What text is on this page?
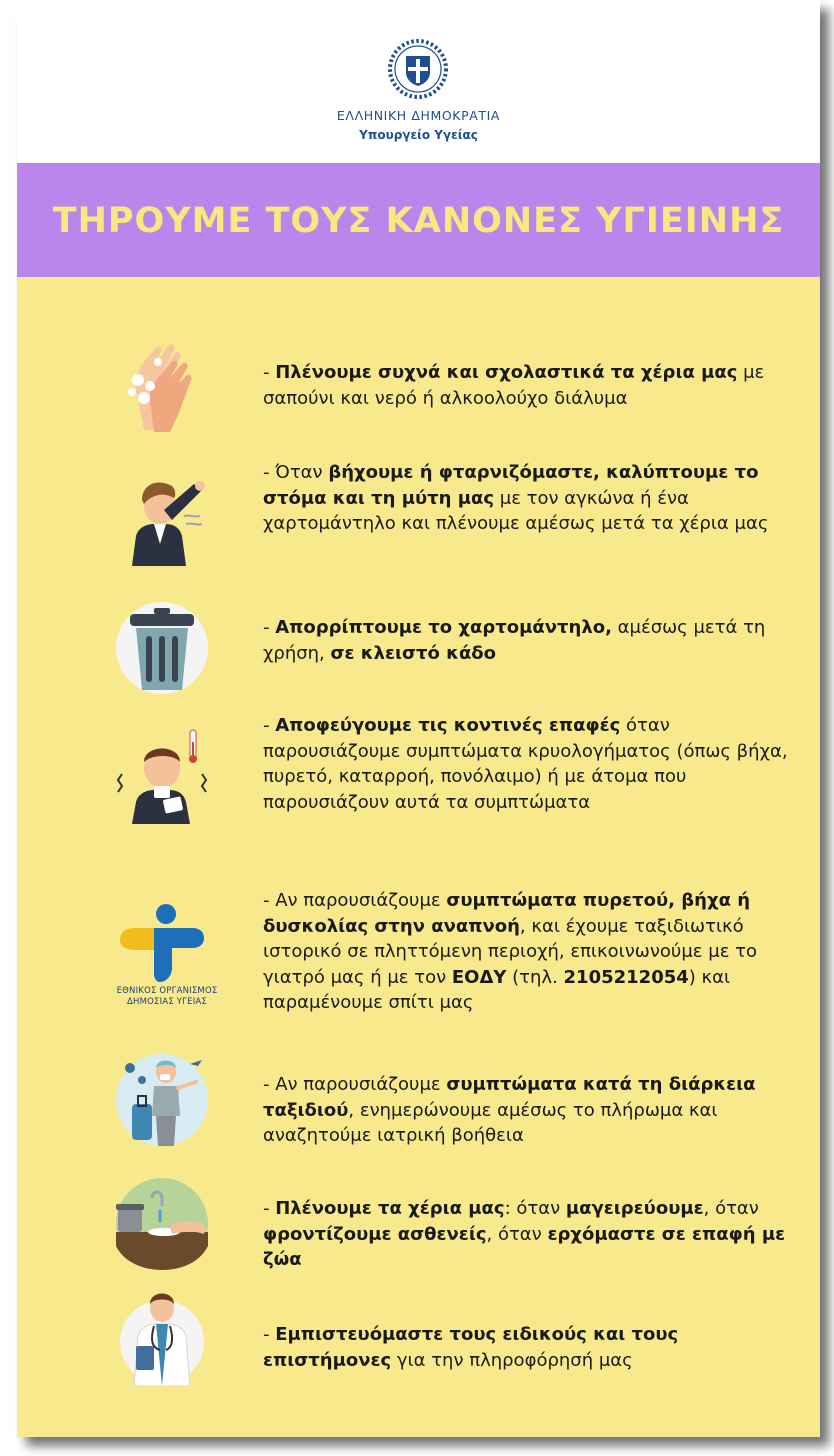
ΕΛΛΗΝΙΚΗ ΔΗΜΟΚΡΑΤΙΑ
Υπουργείο Υγείας
ΤΗΡΟΥΜΕ ΤΟΥΣ ΚΑΝΟΝΕΣ ΥΓΙΕΙΝΗΣ
- Πλένουμε συχνά και σχολαστικά τα χέρια μας με σαπούνι και νερό ή αλκοολούχο διάλυμα
- Όταν βήχουμε ή φταρνιζόμαστε, καλύπτουμε το στόμα και τη μύτη μας με τον αγκώνα ή ένα χαρτομάντηλο και πλένουμε αμέσως μετά τα χέρια μας
- Απορρίπτουμε το χαρτομάντηλο, αμέσως μετά τη χρήση, σε κλειστό κάδο
- Αποφεύγουμε τις κοντινές επαφές όταν παρουσιάζουμε συμπτώματα κρυολογήματος (όπως βήχα, πυρετό, καταρροή, πονόλαιμο) ή με άτομα που παρουσιάζουν αυτά τα συμπτώματα
ΕΘΝΙΚΟΣ ΟΡΓΑΝΙΣΜΟΣ
ΔΗΜΟΣΙΑΣ ΥΓΕΙΑΣ
- Αν παρουσιάζουμε συμπτώματα πυρετού, βήχα ή δυσκολίας στην αναπνοή, και έχουμε ταξιδιωτικό ιστορικό σε πληττόμενη περιοχή, επικοινωνούμε με το γιατρό μας ή με τον ΕΟΔΥ (τηλ. 2105212054) και παραμένουμε σπίτι μας
- Αν παρουσιάζουμε συμπτώματα κατά τη διάρκεια ταξιδιού, ενημερώνουμε αμέσως το πλήρωμα και αναζητούμε ιατρική βοήθεια
- Πλένουμε τα χέρια μας: όταν μαγειρεύουμε, όταν φροντίζουμε ασθενείς, όταν ερχόμαστε σε επαφή με ζώα
- Εμπιστευόμαστε τους ειδικούς και τους επιστήμονες για την πληροφόρησή μας
